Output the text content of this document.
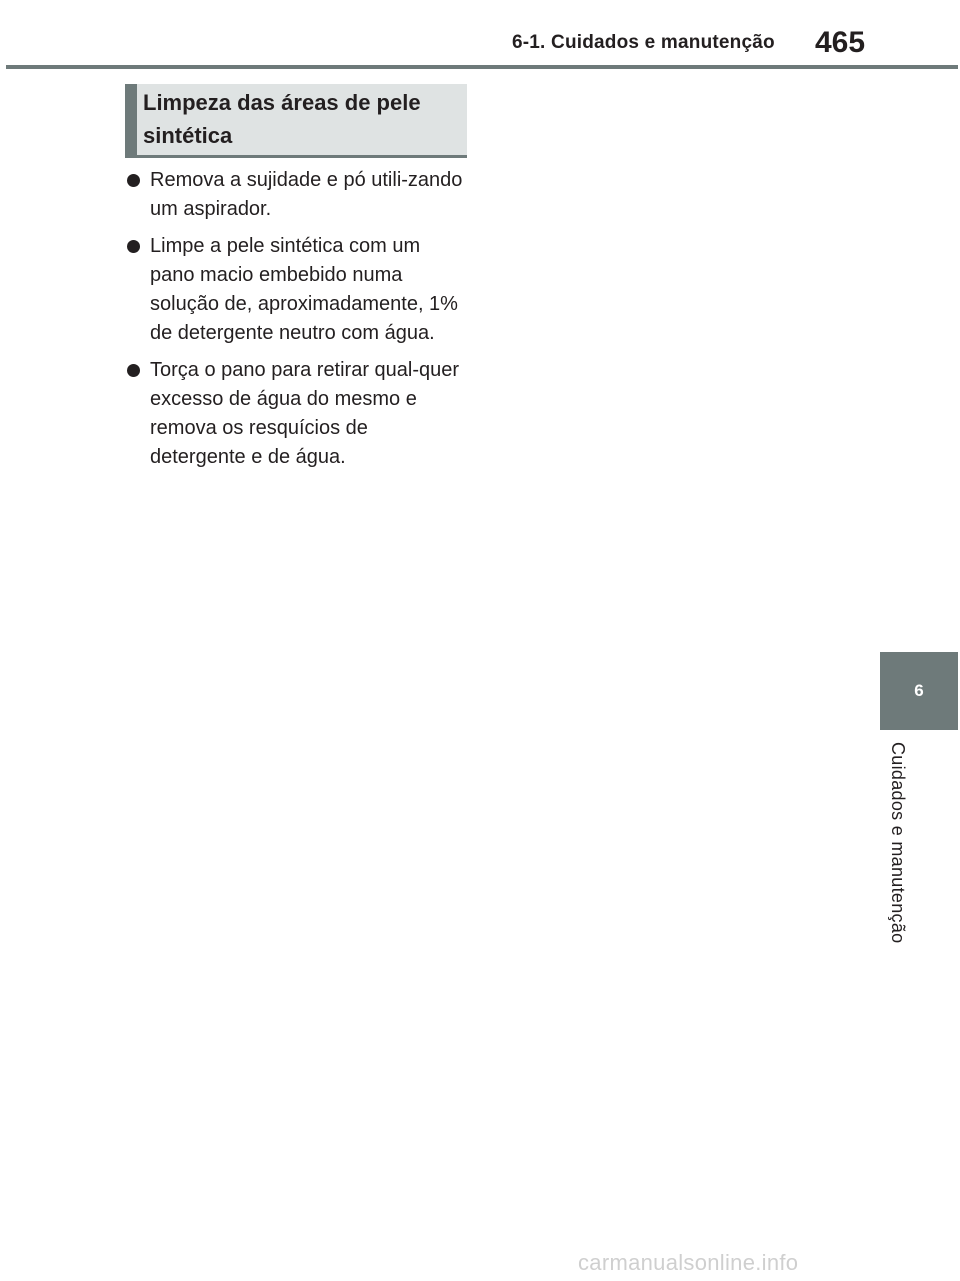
6-1. Cuidados e manutenção 465
Limpeza das áreas de pele sintética
Remova a sujidade e pó utili-zando um aspirador.
Limpe a pele sintética com um pano macio embebido numa solução de, aproximadamente, 1% de detergente neutro com água.
Torça o pano para retirar qual-quer excesso de água do mesmo e remova os resquícios de detergente e de água.
6
Cuidados e manutenção
carmanualsonline.info
